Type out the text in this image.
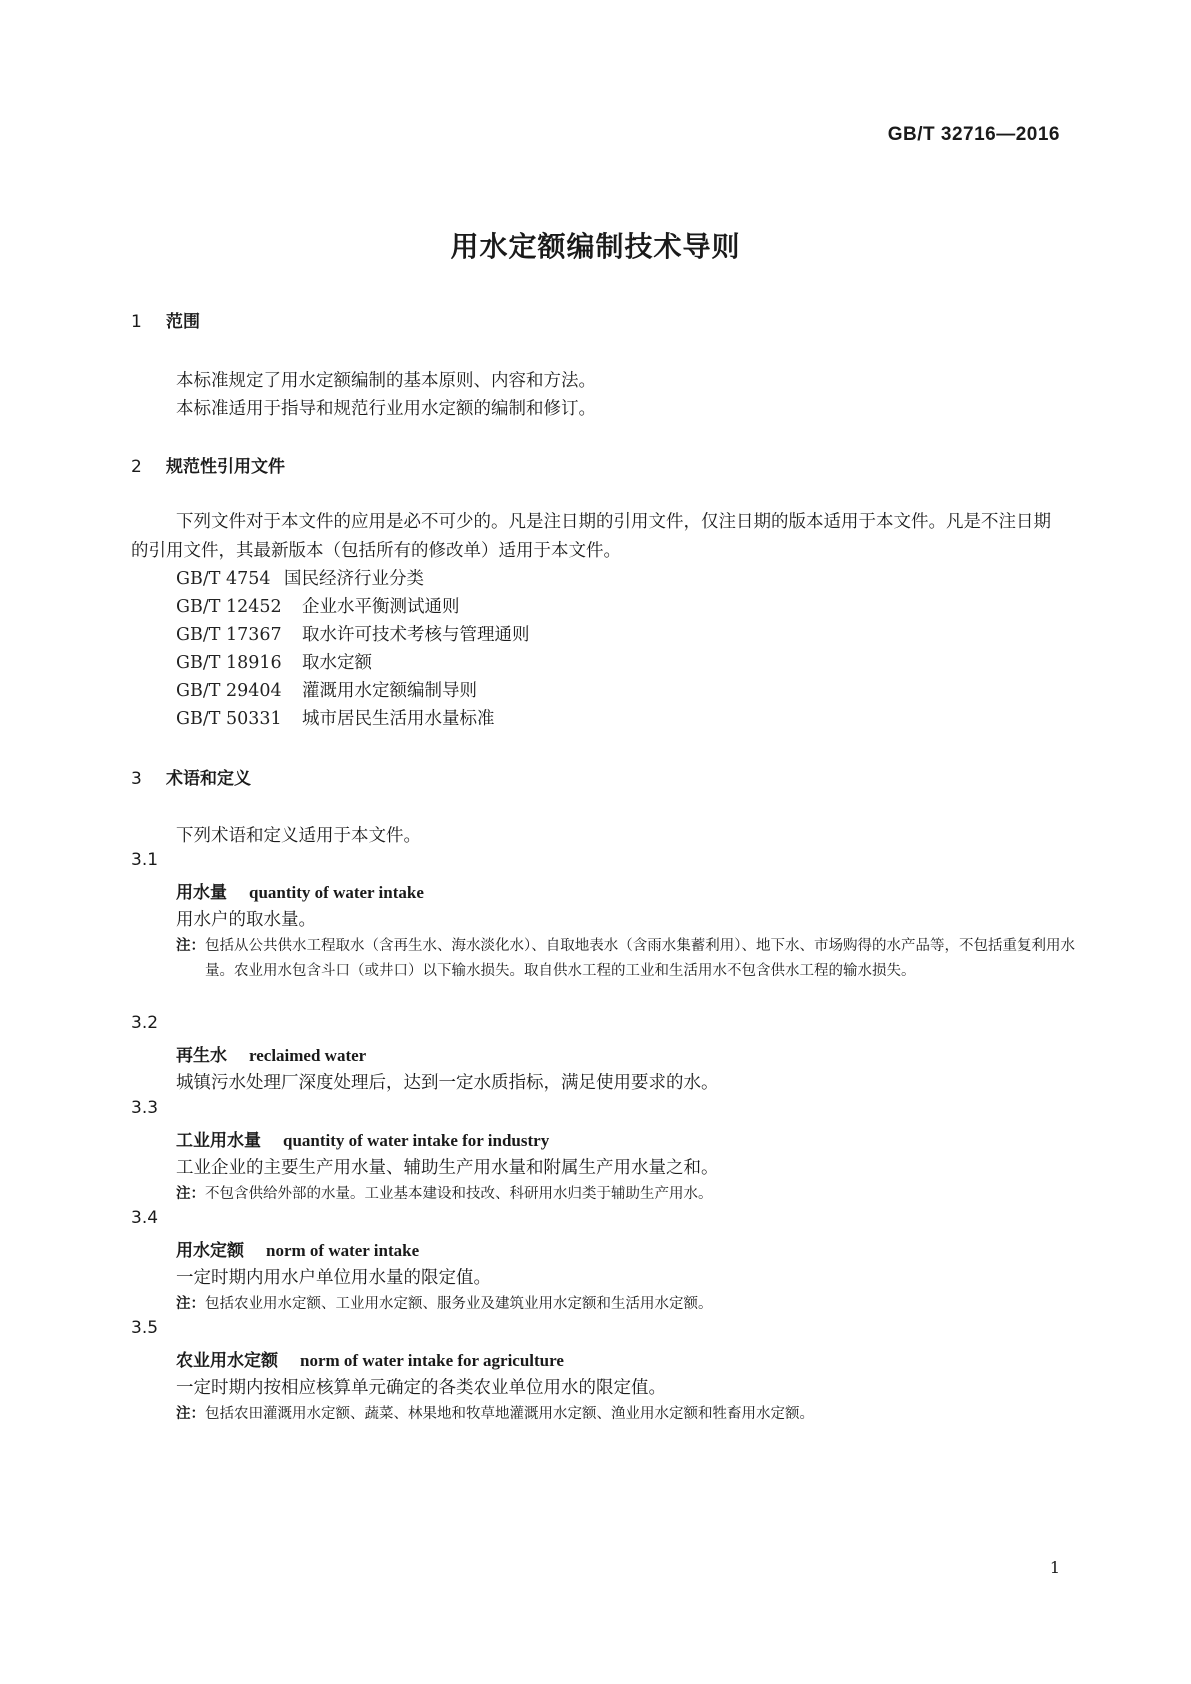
GB/T 32716—2016

用水定额编制技术导则
1 范围

本标准规定了用水定额编制的基本原则、内容和方法。

本标准适用于指导和规范行业用水定额的编制和修订。

2 规范性引用文件

下列文件对于本文件的应用是必不可少的。凡是注日期的引用文件，仅注日期的版本适用于本文件。凡是不注日期的引用文件，其最新版本（包括所有的修改单）适用于本文件。

GB/T 4754 国民经济行业分类

GB/T 12452 企业水平衡测试通则

GB/T 17367 取水许可技术考核与管理通则

GB/T 18916 取水定额

GB/T 29404 灌溉用水定额编制导则

GB/T 50331 城市居民生活用水量标准

3 术语和定义

下列术语和定义适用于本文件。

3.1

用水量 quantity of water intake

用水户的取水量。

注：包括从公共供水工程取水（含再生水、海水淡化水）、自取地表水（含雨水集蓄利用）、地下水、市场购得的水产品等，不包括重复利用水量。农业用水包含斗口（或井口）以下输水损失。取自供水工程的工业和生活用水不包含供水工程的输水损失。

3.2

再生水 reclaimed water

城镇污水处理厂深度处理后，达到一定水质指标，满足使用要求的水。

3.3

工业用水量 quantity of water intake for industry

工业企业的主要生产用水量、辅助生产用水量和附属生产用水量之和。

注：不包含供给外部的水量。工业基本建设和技改、科研用水归类于辅助生产用水。

3.4

用水定额 norm of water intake

一定时期内用水户单位用水量的限定值。

注：包括农业用水定额、工业用水定额、服务业及建筑业用水定额和生活用水定额。

3.5

农业用水定额 norm of water intake for agriculture

一定时期内按相应核算单元确定的各类农业单位用水的限定值。

注：包括农田灌溉用水定额、蔬菜、林果地和牧草地灌溉用水定额、渔业用水定额和牲畜用水定额。

1
